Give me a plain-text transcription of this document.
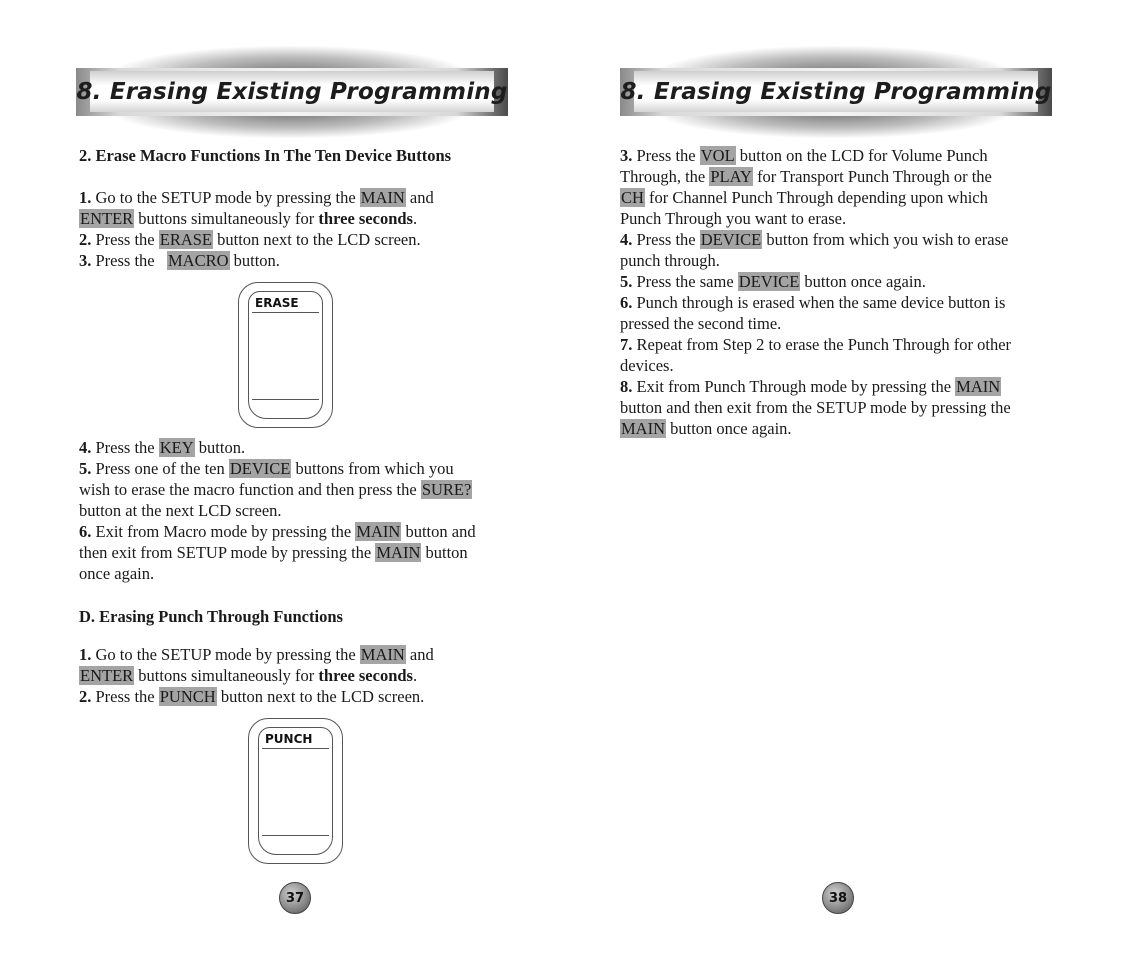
8. Erasing Existing Programming
2. Erase Macro Functions In The Ten Device Buttons
1. Go to the SETUP mode by pressing the MAIN and
ENTER buttons simultaneously for three seconds.
2. Press the ERASE button next to the LCD screen.
3. Press the   MACRO button.
ERASE
4. Press the KEY button.
5. Press one of the ten DEVICE buttons from which you
wish to erase the macro function and then press the SURE?
button at the next LCD screen.
6. Exit from Macro mode by pressing the MAIN button and
then exit from SETUP mode by pressing the MAIN button
once again.
D. Erasing Punch Through Functions
1. Go to the SETUP mode by pressing the MAIN and
ENTER buttons simultaneously for three seconds.
2. Press the PUNCH button next to the LCD screen.
PUNCH
37
8. Erasing Existing Programming
3. Press the VOL button on the LCD for Volume Punch
Through, the PLAY for Transport Punch Through or the
CH for Channel Punch Through depending upon which
Punch Through you want to erase.
4. Press the DEVICE button from which you wish to erase
punch through.
5. Press the same DEVICE button once again.
6. Punch through is erased when the same device button is
pressed the second time.
7. Repeat from Step 2 to erase the Punch Through for other
devices.
8. Exit from Punch Through mode by pressing the MAIN
button and then exit from the SETUP mode by pressing the
MAIN button once again.
38
